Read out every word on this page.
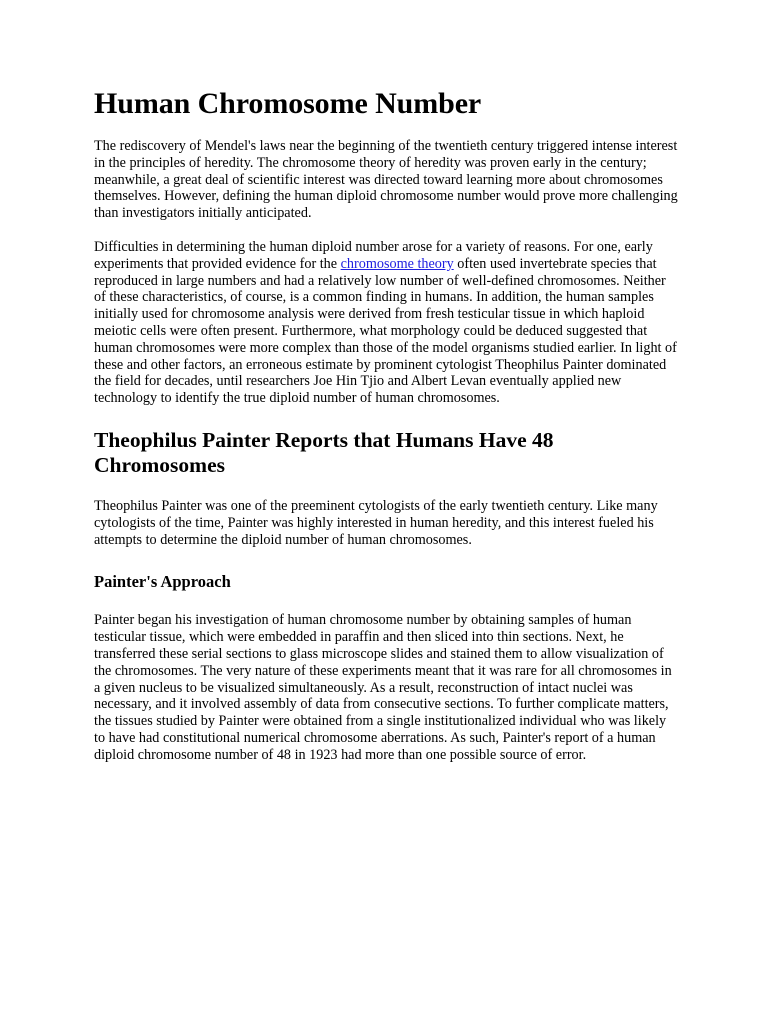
Human Chromosome Number

The rediscovery of Mendel's laws near the beginning of the twentieth century triggered intense interest in the principles of heredity. The chromosome theory of heredity was proven early in the century; meanwhile, a great deal of scientific interest was directed toward learning more about chromosomes themselves. However, defining the human diploid chromosome number would prove more challenging than investigators initially anticipated.

Difficulties in determining the human diploid number arose for a variety of reasons. For one, early experiments that provided evidence for the chromosome theory often used invertebrate species that reproduced in large numbers and had a relatively low number of well-defined chromosomes. Neither of these characteristics, of course, is a common finding in humans. In addition, the human samples initially used for chromosome analysis were derived from fresh testicular tissue in which haploid meiotic cells were often present. Furthermore, what morphology could be deduced suggested that human chromosomes were more complex than those of the model organisms studied earlier. In light of these and other factors, an erroneous estimate by prominent cytologist Theophilus Painter dominated the field for decades, until researchers Joe Hin Tjio and Albert Levan eventually applied new technology to identify the true diploid number of human chromosomes.

Theophilus Painter Reports that Humans Have 48 Chromosomes

Theophilus Painter was one of the preeminent cytologists of the early twentieth century. Like many cytologists of the time, Painter was highly interested in human heredity, and this interest fueled his attempts to determine the diploid number of human chromosomes.

Painter's Approach

Painter began his investigation of human chromosome number by obtaining samples of human testicular tissue, which were embedded in paraffin and then sliced into thin sections. Next, he transferred these serial sections to glass microscope slides and stained them to allow visualization of the chromosomes. The very nature of these experiments meant that it was rare for all chromosomes in a given nucleus to be visualized simultaneously. As a result, reconstruction of intact nuclei was necessary, and it involved assembly of data from consecutive sections. To further complicate matters, the tissues studied by Painter were obtained from a single institutionalized individual who was likely to have had constitutional numerical chromosome aberrations. As such, Painter's report of a human diploid chromosome number of 48 in 1923 had more than one possible source of error.
